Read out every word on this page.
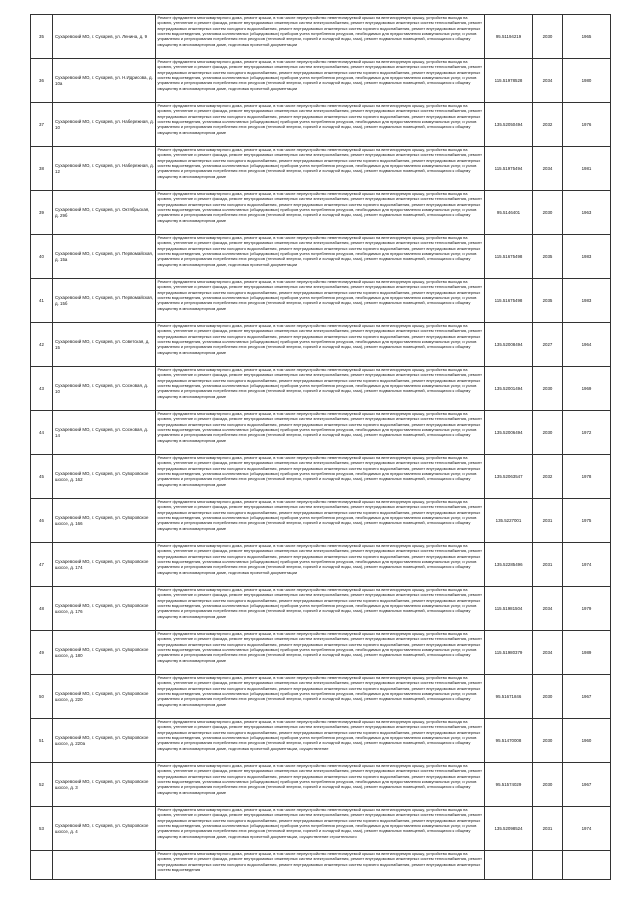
35	Сухаревский МО, г. Сухарев, ул. Ленина, д. 9	Ремонт фундамента многоквартирного дома, ремонт крыши, в том числе переустройство невентилируемой крыши на вентилируемую крышу, устройство выхода на кровлю, утепление и ремонт фасада, ремонт внутридомовых инженерных систем электроснабжения, ремонт внутридомовых инженерных систем теплоснабжения, ремонт внутридомовых инженерных систем холодного водоснабжения, ремонт внутридомовых инженерных систем горячего водоснабжения, ремонт внутридомовых инженерных систем водоотведения, установка коллективных (общедомовых) приборов учета потребления ресурсов, необходимых для предоставления коммунальных услуг, и узлов управления и регулирования потребления этих ресурсов (тепловой энергии, горячей и холодной воды, газа), ремонт подвальных помещений, относящихся к общему имуществу в многоквартирном доме, подготовка проектной документации	95.51194219	2030	1965
36	Сухаревский МО, г. Сухарев, ул. Н.Идрисова, д. 10а	Ремонт фундамента многоквартирного дома, ремонт крыши, в том числе переустройство невентилируемой крыши на вентилируемую крышу, устройство выхода на кровлю, утепление и ремонт фасада, ремонт внутридомовых инженерных систем электроснабжения, ремонт внутридомовых инженерных систем теплоснабжения, ремонт внутридомовых инженерных систем холодного водоснабжения, ремонт внутридомовых инженерных систем горячего водоснабжения, ремонт внутридомовых инженерных систем водоотведения, установка коллективных (общедомовых) приборов учета потребления ресурсов, необходимых для предоставления коммунальных услуг, и узлов управления и регулирования потребления этих ресурсов (тепловой энергии, горячей и холодной воды, газа), ремонт подвальных помещений, относящихся к общему имуществу в многоквартирном доме, подготовка проектной документации	115.51978528	2034	1980
37	Сухаревский МО, г. Сухарев, ул. Набережная, д. 10	Ремонт фундамента многоквартирного дома, ремонт крыши, в том числе переустройство невентилируемой крыши на вентилируемую крышу, устройство выхода на кровлю, утепление и ремонт фасада, ремонт внутридомовых инженерных систем электроснабжения, ремонт внутридомовых инженерных систем теплоснабжения, ремонт внутридомовых инженерных систем холодного водоснабжения, ремонт внутридомовых инженерных систем горячего водоснабжения, ремонт внутридомовых инженерных систем водоотведения, установка коллективных (общедомовых) приборов учета потребления ресурсов, необходимых для предоставления коммунальных услуг, и узлов управления и регулирования потребления этих ресурсов (тепловой энергии, горячей и холодной воды, газа), ремонт подвальных помещений, относящихся к общему имуществу в многоквартирном доме	135.52050494	2032	1976
38	Сухаревский МО, г. Сухарев, ул. Набережная, д. 12	Ремонт фундамента многоквартирного дома, ремонт крыши, в том числе переустройство невентилируемой крыши на вентилируемую крышу, устройство выхода на кровлю, утепление и ремонт фасада, ремонт внутридомовых инженерных систем электроснабжения, ремонт внутридомовых инженерных систем теплоснабжения, ремонт внутридомовых инженерных систем холодного водоснабжения, ремонт внутридомовых инженерных систем горячего водоснабжения, ремонт внутридомовых инженерных систем водоотведения, установка коллективных (общедомовых) приборов учета потребления ресурсов, необходимых для предоставления коммунальных услуг, и узлов управления и регулирования потребления этих ресурсов (тепловой энергии, горячей и холодной воды, газа), ремонт подвальных помещений, относящихся к общему имуществу в многоквартирном доме	115.51975494	2034	1981
39	Сухаревский МО, г. Сухарев, ул. Октябрьская, д. 29б	Ремонт фундамента многоквартирного дома, ремонт крыши, в том числе переустройство невентилируемой крыши на вентилируемую крышу, устройство выхода на кровлю, утепление и ремонт фасада, ремонт внутридомовых инженерных систем электроснабжения, ремонт внутридомовых инженерных систем теплоснабжения, ремонт внутридомовых инженерных систем холодного водоснабжения, ремонт внутридомовых инженерных систем горячего водоснабжения, ремонт внутридомовых инженерных систем водоотведения, установка коллективных (общедомовых) приборов учета потребления ресурсов, необходимых для предоставления коммунальных услуг, и узлов управления и регулирования потребления этих ресурсов (тепловой энергии, горячей и холодной воды, газа), ремонт подвальных помещений, относящихся к общему имуществу в многоквартирном доме	95.5146401	2030	1963
40	Сухаревский МО, г. Сухарев, ул. Первомайская, д. 15а	Ремонт фундамента многоквартирного дома, ремонт крыши, в том числе переустройство невентилируемой крыши на вентилируемую крышу, устройство выхода на кровлю, утепление и ремонт фасада, ремонт внутридомовых инженерных систем электроснабжения, ремонт внутридомовых инженерных систем теплоснабжения, ремонт внутридомовых инженерных систем холодного водоснабжения, ремонт внутридомовых инженерных систем горячего водоснабжения, ремонт внутридомовых инженерных систем водоотведения, установка коллективных (общедомовых) приборов учета потребления ресурсов, необходимых для предоставления коммунальных услуг, и узлов управления и регулирования потребления этих ресурсов (тепловой энергии, горячей и холодной воды, газа), ремонт подвальных помещений, относящихся к общему имуществу в многоквартирном доме, подготовка проектной документации	115.51675498	2035	1983
41	Сухаревский МО, г. Сухарев, ул. Первомайская, д. 15б	Ремонт фундамента многоквартирного дома, ремонт крыши, в том числе переустройство невентилируемой крыши на вентилируемую крышу, устройство выхода на кровлю, утепление и ремонт фасада, ремонт внутридомовых инженерных систем электроснабжения, ремонт внутридомовых инженерных систем теплоснабжения, ремонт внутридомовых инженерных систем холодного водоснабжения, ремонт внутридомовых инженерных систем горячего водоснабжения, ремонт внутридомовых инженерных систем водоотведения, установка коллективных (общедомовых) приборов учета потребления ресурсов, необходимых для предоставления коммунальных услуг, и узлов управления и регулирования потребления этих ресурсов (тепловой энергии, горячей и холодной воды, газа), ремонт подвальных помещений, относящихся к общему имуществу в многоквартирном доме	115.51675498	2035	1983
42	Сухаревский МО, г. Сухарев, ул. Советская, д. 15	Ремонт фундамента многоквартирного дома, ремонт крыши, в том числе переустройство невентилируемой крыши на вентилируемую крышу, устройство выхода на кровлю, утепление и ремонт фасада, ремонт внутридомовых инженерных систем электроснабжения, ремонт внутридомовых инженерных систем теплоснабжения, ремонт внутридомовых инженерных систем холодного водоснабжения, ремонт внутридомовых инженерных систем горячего водоснабжения, ремонт внутридомовых инженерных систем водоотведения, установка коллективных (общедомовых) приборов учета потребления ресурсов, необходимых для предоставления коммунальных услуг, и узлов управления и регулирования потребления этих ресурсов (тепловой энергии, горячей и холодной воды, газа), ремонт подвальных помещений, относящихся к общему имуществу в многоквартирном доме	135.52008494	2027	1964
43	Сухаревский МО, г. Сухарев, ул. Сосновая, д. 10	Ремонт фундамента многоквартирного дома, ремонт крыши, в том числе переустройство невентилируемой крыши на вентилируемую крышу, устройство выхода на кровлю, утепление и ремонт фасада, ремонт внутридомовых инженерных систем электроснабжения, ремонт внутридомовых инженерных систем теплоснабжения, ремонт внутридомовых инженерных систем холодного водоснабжения, ремонт внутридомовых инженерных систем горячего водоснабжения, ремонт внутридомовых инженерных систем водоотведения, установка коллективных (общедомовых) приборов учета потребления ресурсов, необходимых для предоставления коммунальных услуг, и узлов управления и регулирования потребления этих ресурсов (тепловой энергии, горячей и холодной воды, газа), ремонт подвальных помещений, относящихся к общему имуществу в многоквартирном доме	135.52001494	2030	1969
44	Сухаревский МО, г. Сухарев, ул. Сосновая, д. 14	Ремонт фундамента многоквартирного дома, ремонт крыши, в том числе переустройство невентилируемой крыши на вентилируемую крышу, устройство выхода на кровлю, утепление и ремонт фасада, ремонт внутридомовых инженерных систем электроснабжения, ремонт внутридомовых инженерных систем теплоснабжения, ремонт внутридомовых инженерных систем холодного водоснабжения, ремонт внутридомовых инженерных систем горячего водоснабжения, ремонт внутридомовых инженерных систем водоотведения, установка коллективных (общедомовых) приборов учета потребления ресурсов, необходимых для предоставления коммунальных услуг, и узлов управления и регулирования потребления этих ресурсов (тепловой энергии, горячей и холодной воды, газа), ремонт подвальных помещений, относящихся к общему имуществу в многоквартирном доме	135.52006494	2030	1972
45	Сухаревский МО, г. Сухарев, ул. Суворовское шоссе, д. 162	Ремонт фундамента многоквартирного дома, ремонт крыши, в том числе переустройство невентилируемой крыши на вентилируемую крышу, устройство выхода на кровлю, утепление и ремонт фасада, ремонт внутридомовых инженерных систем электроснабжения, ремонт внутридомовых инженерных систем теплоснабжения, ремонт внутридомовых инженерных систем холодного водоснабжения, ремонт внутридомовых инженерных систем горячего водоснабжения, ремонт внутридомовых инженерных систем водоотведения, установка коллективных (общедомовых) приборов учета потребления ресурсов, необходимых для предоставления коммунальных услуг, и узлов управления и регулирования потребления этих ресурсов (тепловой энергии, горячей и холодной воды, газа), ремонт подвальных помещений, относящихся к общему имуществу в многоквартирном доме	135.52063547	2032	1978
46	Сухаревский МО, г. Сухарев, ул. Суворовское шоссе, д. 166	Ремонт фундамента многоквартирного дома, ремонт крыши, в том числе переустройство невентилируемой крыши на вентилируемую крышу, устройство выхода на кровлю, утепление и ремонт фасада, ремонт внутридомовых инженерных систем электроснабжения, ремонт внутридомовых инженерных систем теплоснабжения, ремонт внутридомовых инженерных систем холодного водоснабжения, ремонт внутридомовых инженерных систем горячего водоснабжения, ремонт внутридомовых инженерных систем водоотведения, установка коллективных (общедомовых) приборов учета потребления ресурсов, необходимых для предоставления коммунальных услуг, и узлов управления и регулирования потребления этих ресурсов (тепловой энергии, горячей и холодной воды, газа), ремонт подвальных помещений, относящихся к общему имуществу в многоквартирном доме	135.5227001	2031	1975
47	Сухаревский МО, г. Сухарев, ул. Суворовское шоссе, д. 174	Ремонт фундамента многоквартирного дома, ремонт крыши, в том числе переустройство невентилируемой крыши на вентилируемую крышу, устройство выхода на кровлю, утепление и ремонт фасада, ремонт внутридомовых инженерных систем электроснабжения, ремонт внутридомовых инженерных систем теплоснабжения, ремонт внутридомовых инженерных систем холодного водоснабжения, ремонт внутридомовых инженерных систем горячего водоснабжения, ремонт внутридомовых инженерных систем водоотведения, установка коллективных (общедомовых) приборов учета потребления ресурсов, необходимых для предоставления коммунальных услуг, и узлов управления и регулирования потребления этих ресурсов (тепловой энергии, горячей и холодной воды, газа), ремонт подвальных помещений, относящихся к общему имуществу в многоквартирном доме, подготовка проектной документации	135.52285496	2031	1974
48	Сухаревский МО, г. Сухарев, ул. Суворовское шоссе, д. 176	Ремонт фундамента многоквартирного дома, ремонт крыши, в том числе переустройство невентилируемой крыши на вентилируемую крышу, устройство выхода на кровлю, утепление и ремонт фасада, ремонт внутридомовых инженерных систем электроснабжения, ремонт внутридомовых инженерных систем теплоснабжения, ремонт внутридомовых инженерных систем холодного водоснабжения, ремонт внутридомовых инженерных систем горячего водоснабжения, ремонт внутридомовых инженерных систем водоотведения, установка коллективных (общедомовых) приборов учета потребления ресурсов, необходимых для предоставления коммунальных услуг, и узлов управления и регулирования потребления этих ресурсов (тепловой энергии, горячей и холодной воды, газа), ремонт подвальных помещений, относящихся к общему имуществу в многоквартирном доме	115.51981504	2034	1979
49	Сухаревский МО, г. Сухарев, ул. Суворовское шоссе, д. 180	Ремонт фундамента многоквартирного дома, ремонт крыши, в том числе переустройство невентилируемой крыши на вентилируемую крышу, устройство выхода на кровлю, утепление и ремонт фасада, ремонт внутридомовых инженерных систем электроснабжения, ремонт внутридомовых инженерных систем теплоснабжения, ремонт внутридомовых инженерных систем холодного водоснабжения, ремонт внутридомовых инженерных систем горячего водоснабжения, ремонт внутридомовых инженерных систем водоотведения, установка коллективных (общедомовых) приборов учета потребления ресурсов, необходимых для предоставления коммунальных услуг, и узлов управления и регулирования потребления этих ресурсов (тепловой энергии, горячей и холодной воды, газа), ремонт подвальных помещений, относящихся к общему имуществу в многоквартирном доме	115.51980379	2034	1989
50	Сухаревский МО, г. Сухарев, ул. Суворовское шоссе, д. 220	Ремонт фундамента многоквартирного дома, ремонт крыши, в том числе переустройство невентилируемой крыши на вентилируемую крышу, устройство выхода на кровлю, утепление и ремонт фасада, ремонт внутридомовых инженерных систем электроснабжения, ремонт внутридомовых инженерных систем теплоснабжения, ремонт внутридомовых инженерных систем холодного водоснабжения, ремонт внутридомовых инженерных систем горячего водоснабжения, ремонт внутридомовых инженерных систем водоотведения, установка коллективных (общедомовых) приборов учета потребления ресурсов, необходимых для предоставления коммунальных услуг, и узлов управления и регулирования потребления этих ресурсов (тепловой энергии, горячей и холодной воды, газа), ремонт подвальных помещений, относящихся к общему имуществу в многоквартирном доме	95.51671846	2030	1967
51	Сухаревский МО, г. Сухарев, ул. Суворовское шоссе, д. 220а	Ремонт фундамента многоквартирного дома, ремонт крыши, в том числе переустройство невентилируемой крыши на вентилируемую крышу, устройство выхода на кровлю, утепление и ремонт фасада, ремонт внутридомовых инженерных систем электроснабжения, ремонт внутридомовых инженерных систем теплоснабжения, ремонт внутридомовых инженерных систем холодного водоснабжения, ремонт внутридомовых инженерных систем горячего водоснабжения, ремонт внутридомовых инженерных систем водоотведения, установка коллективных (общедомовых) приборов учета потребления ресурсов, необходимых для предоставления коммунальных услуг, и узлов управления и регулирования потребления этих ресурсов (тепловой энергии, горячей и холодной воды, газа), ремонт подвальных помещений, относящихся к общему имуществу в многоквартирном доме, подготовка проектной документации, осуществление	95.51470008	2030	1960
52	Сухаревский МО, г. Сухарев, ул. Суворовское шоссе, д. 3	Ремонт фундамента многоквартирного дома, ремонт крыши, в том числе переустройство невентилируемой крыши на вентилируемую крышу, устройство выхода на кровлю, утепление и ремонт фасада, ремонт внутридомовых инженерных систем электроснабжения, ремонт внутридомовых инженерных систем теплоснабжения, ремонт внутридомовых инженерных систем холодного водоснабжения, ремонт внутридомовых инженерных систем горячего водоснабжения, ремонт внутридомовых инженерных систем водоотведения, установка коллективных (общедомовых) приборов учета потребления ресурсов, необходимых для предоставления коммунальных услуг, и узлов управления и регулирования потребления этих ресурсов (тепловой энергии, горячей и холодной воды, газа), ремонт подвальных помещений, относящихся к общему имуществу в многоквартирном доме	95.51574029	2030	1967
53	Сухаревский МО, г. Сухарев, ул. Суворовское шоссе, д. 4	Ремонт фундамента многоквартирного дома, ремонт крыши, в том числе переустройство невентилируемой крыши на вентилируемую крышу, устройство выхода на кровлю, утепление и ремонт фасада, ремонт внутридомовых инженерных систем электроснабжения, ремонт внутридомовых инженерных систем теплоснабжения, ремонт внутридомовых инженерных систем холодного водоснабжения, ремонт внутридомовых инженерных систем горячего водоснабжения, ремонт внутридомовых инженерных систем водоотведения, установка коллективных (общедомовых) приборов учета потребления ресурсов, необходимых для предоставления коммунальных услуг, и узлов управления и регулирования потребления этих ресурсов (тепловой энергии, горячей и холодной воды, газа), ремонт подвальных помещений, относящихся к общему имуществу в многоквартирном доме, подготовка проектной документации, осуществление строительного	135.52098524	2031	1974
		Ремонт фундамента многоквартирного дома, ремонт крыши, в том числе переустройство невентилируемой крыши на вентилируемую крышу, устройство выхода на кровлю, утепление и ремонт фасада, ремонт внутридомовых инженерных систем электроснабжения, ремонт внутридомовых инженерных систем теплоснабжения, ремонт внутридомовых инженерных систем холодного водоснабжения, ремонт внутридомовых инженерных систем горячего водоснабжения, ремонт внутридомовых инженерных систем водоотведения			
